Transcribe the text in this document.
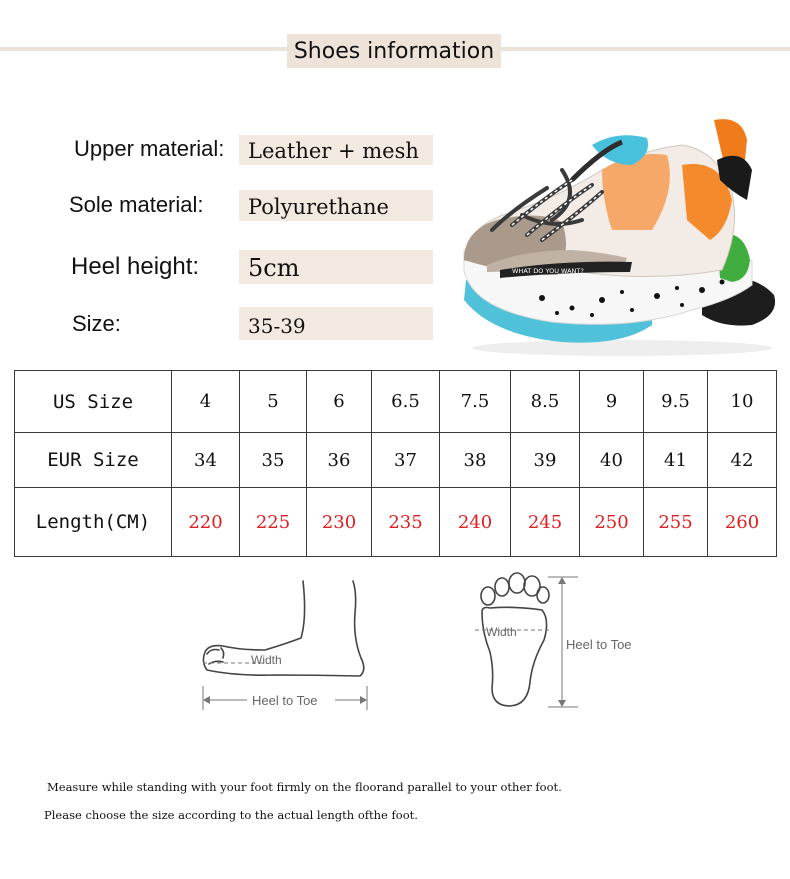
Shoes information
Upper material:	Leather + mesh
Sole material:	Polyurethane
Heel height:	5cm
Size:	35-39
WHAT DO YOU WANT?
US Size	4	5	6	6.5	7.5	8.5	9	9.5	10
EUR Size	34	35	36	37	38	39	40	41	42
Length(CM)	220	225	230	235	240	245	250	255	260
Width
Heel to Toe
Width
Heel to Toe
Measure while standing with your foot firmly on the floorand parallel to your other foot.
Please choose the size according to the actual length ofthe foot.
